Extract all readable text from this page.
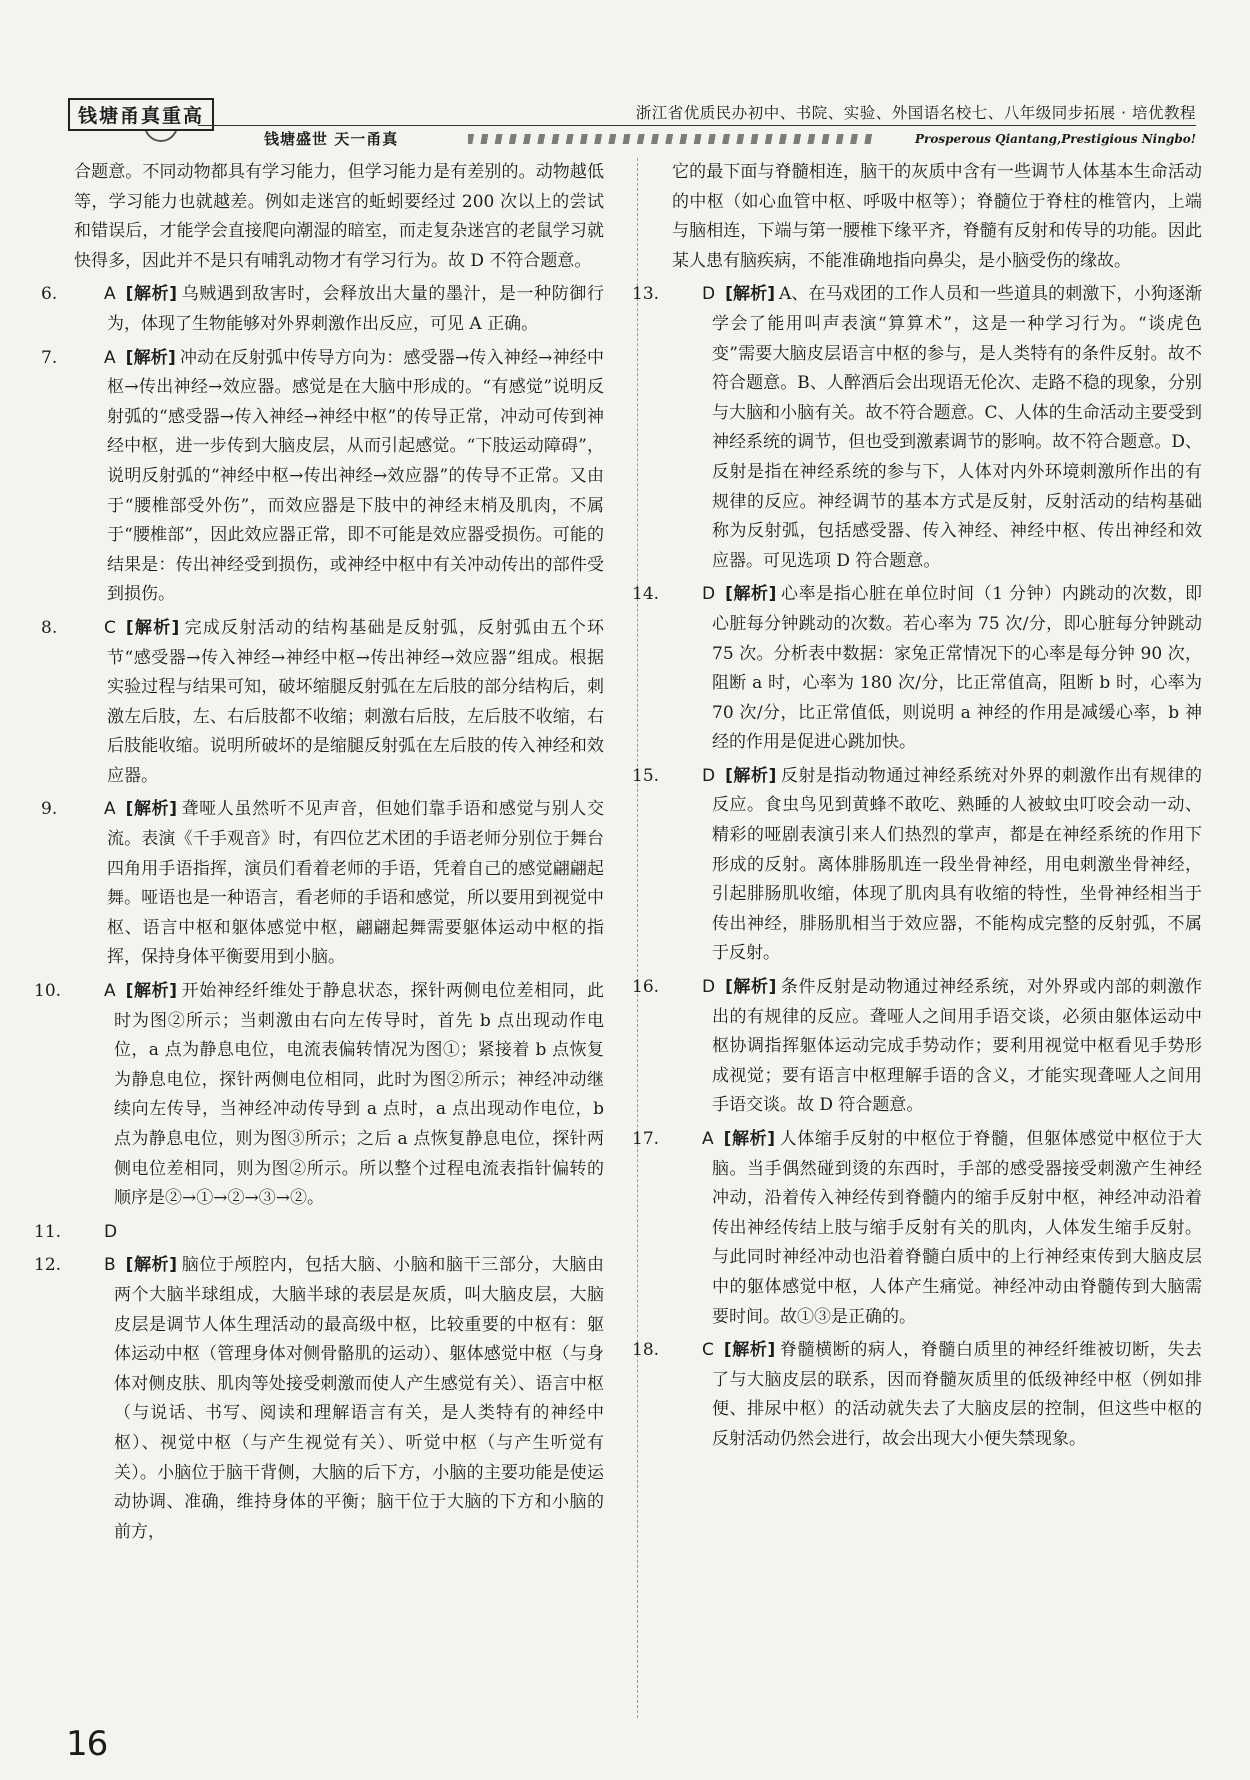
钱塘甬真重高
钱塘盛世 天一甬真
浙江省优质民办初中、书院、实验、外国语名校七、八年级同步拓展 · 培优教程
Prosperous Qiantang,Prestigious Ningbo!

合题意。不同动物都具有学习能力，但学习能力是有差别的。动物越低等，学习能力也就越差。例如走迷宫的蚯蚓要经过 200 次以上的尝试和错误后，才能学会直接爬向潮湿的暗室，而走复杂迷宫的老鼠学习就快得多，因此并不是只有哺乳动物才有学习行为。故 D 不符合题意。

6.	A [解析] 乌贼遇到敌害时，会释放出大量的墨汁，是一种防御行为，体现了生物能够对外界刺激作出反应，可见 A 正确。

7.	A [解析] 冲动在反射弧中传导方向为：感受器→传入神经→神经中枢→传出神经→效应器。感觉是在大脑中形成的。“有感觉”说明反射弧的“感受器→传入神经→神经中枢”的传导正常，冲动可传到神经中枢，进一步传到大脑皮层，从而引起感觉。“下肢运动障碍”，说明反射弧的“神经中枢→传出神经→效应器”的传导不正常。又由于“腰椎部受外伤”，而效应器是下肢中的神经末梢及肌肉，不属于“腰椎部”，因此效应器正常，即不可能是效应器受损伤。可能的结果是：传出神经受到损伤，或神经中枢中有关冲动传出的部件受到损伤。

8.	C [解析] 完成反射活动的结构基础是反射弧，反射弧由五个环节“感受器→传入神经→神经中枢→传出神经→效应器”组成。根据实验过程与结果可知，破坏缩腿反射弧在左后肢的部分结构后，刺激左后肢，左、右后肢都不收缩；刺激右后肢，左后肢不收缩，右后肢能收缩。说明所破坏的是缩腿反射弧在左后肢的传入神经和效应器。

9.	A [解析] 聋哑人虽然听不见声音，但她们靠手语和感觉与别人交流。表演《千手观音》时，有四位艺术团的手语老师分别位于舞台四角用手语指挥，演员们看着老师的手语，凭着自己的感觉翩翩起舞。哑语也是一种语言，看老师的手语和感觉，所以要用到视觉中枢、语言中枢和躯体感觉中枢，翩翩起舞需要躯体运动中枢的指挥，保持身体平衡要用到小脑。

10.	A [解析] 开始神经纤维处于静息状态，探针两侧电位差相同，此时为图②所示；当刺激由右向左传导时，首先 b 点出现动作电位，a 点为静息电位，电流表偏转情况为图①；紧接着 b 点恢复为静息电位，探针两侧电位相同，此时为图②所示；神经冲动继续向左传导，当神经冲动传导到 a 点时，a 点出现动作电位，b 点为静息电位，则为图③所示；之后 a 点恢复静息电位，探针两侧电位差相同，则为图②所示。所以整个过程电流表指针偏转的顺序是②→①→②→③→②。

11.	D

12.	B [解析] 脑位于颅腔内，包括大脑、小脑和脑干三部分，大脑由两个大脑半球组成，大脑半球的表层是灰质，叫大脑皮层，大脑皮层是调节人体生理活动的最高级中枢，比较重要的中枢有：躯体运动中枢（管理身体对侧骨骼肌的运动）、躯体感觉中枢（与身体对侧皮肤、肌肉等处接受刺激而使人产生感觉有关）、语言中枢（与说话、书写、阅读和理解语言有关，是人类特有的神经中枢）、视觉中枢（与产生视觉有关）、听觉中枢（与产生听觉有关）。小脑位于脑干背侧，大脑的后下方，小脑的主要功能是使运动协调、准确，维持身体的平衡；脑干位于大脑的下方和小脑的前方，

它的最下面与脊髓相连，脑干的灰质中含有一些调节人体基本生命活动的中枢（如心血管中枢、呼吸中枢等）；脊髓位于脊柱的椎管内，上端与脑相连，下端与第一腰椎下缘平齐，脊髓有反射和传导的功能。因此某人患有脑疾病，不能准确地指向鼻尖，是小脑受伤的缘故。

13.	D [解析] A、在马戏团的工作人员和一些道具的刺激下，小狗逐渐学会了能用叫声表演“算算术”，这是一种学习行为。“谈虎色变”需要大脑皮层语言中枢的参与，是人类特有的条件反射。故不符合题意。B、人醉酒后会出现语无伦次、走路不稳的现象，分别与大脑和小脑有关。故不符合题意。C、人体的生命活动主要受到神经系统的调节，但也受到激素调节的影响。故不符合题意。D、反射是指在神经系统的参与下，人体对内外环境刺激所作出的有规律的反应。神经调节的基本方式是反射，反射活动的结构基础称为反射弧，包括感受器、传入神经、神经中枢、传出神经和效应器。可见选项 D 符合题意。

14.	D [解析] 心率是指心脏在单位时间（1 分钟）内跳动的次数，即心脏每分钟跳动的次数。若心率为 75 次/分，即心脏每分钟跳动 75 次。分析表中数据：家兔正常情况下的心率是每分钟 90 次，阻断 a 时，心率为 180 次/分，比正常值高，阻断 b 时，心率为 70 次/分，比正常值低，则说明 a 神经的作用是减缓心率，b 神经的作用是促进心跳加快。

15.	D [解析] 反射是指动物通过神经系统对外界的刺激作出有规律的反应。食虫鸟见到黄蜂不敢吃、熟睡的人被蚊虫叮咬会动一动、精彩的哑剧表演引来人们热烈的掌声，都是在神经系统的作用下形成的反射。离体腓肠肌连一段坐骨神经，用电刺激坐骨神经，引起腓肠肌收缩，体现了肌肉具有收缩的特性，坐骨神经相当于传出神经，腓肠肌相当于效应器，不能构成完整的反射弧，不属于反射。

16.	D [解析] 条件反射是动物通过神经系统，对外界或内部的刺激作出的有规律的反应。聋哑人之间用手语交谈，必须由躯体运动中枢协调指挥躯体运动完成手势动作；要利用视觉中枢看见手势形成视觉；要有语言中枢理解手语的含义，才能实现聋哑人之间用手语交谈。故 D 符合题意。

17.	A [解析] 人体缩手反射的中枢位于脊髓，但躯体感觉中枢位于大脑。当手偶然碰到烫的东西时，手部的感受器接受刺激产生神经冲动，沿着传入神经传到脊髓内的缩手反射中枢，神经冲动沿着传出神经传结上肢与缩手反射有关的肌肉，人体发生缩手反射。与此同时神经冲动也沿着脊髓白质中的上行神经束传到大脑皮层中的躯体感觉中枢，人体产生痛觉。神经冲动由脊髓传到大脑需要时间。故①③是正确的。

18.	C [解析] 脊髓横断的病人，脊髓白质里的神经纤维被切断，失去了与大脑皮层的联系，因而脊髓灰质里的低级神经中枢（例如排便、排尿中枢）的活动就失去了大脑皮层的控制，但这些中枢的反射活动仍然会进行，故会出现大小便失禁现象。

16
